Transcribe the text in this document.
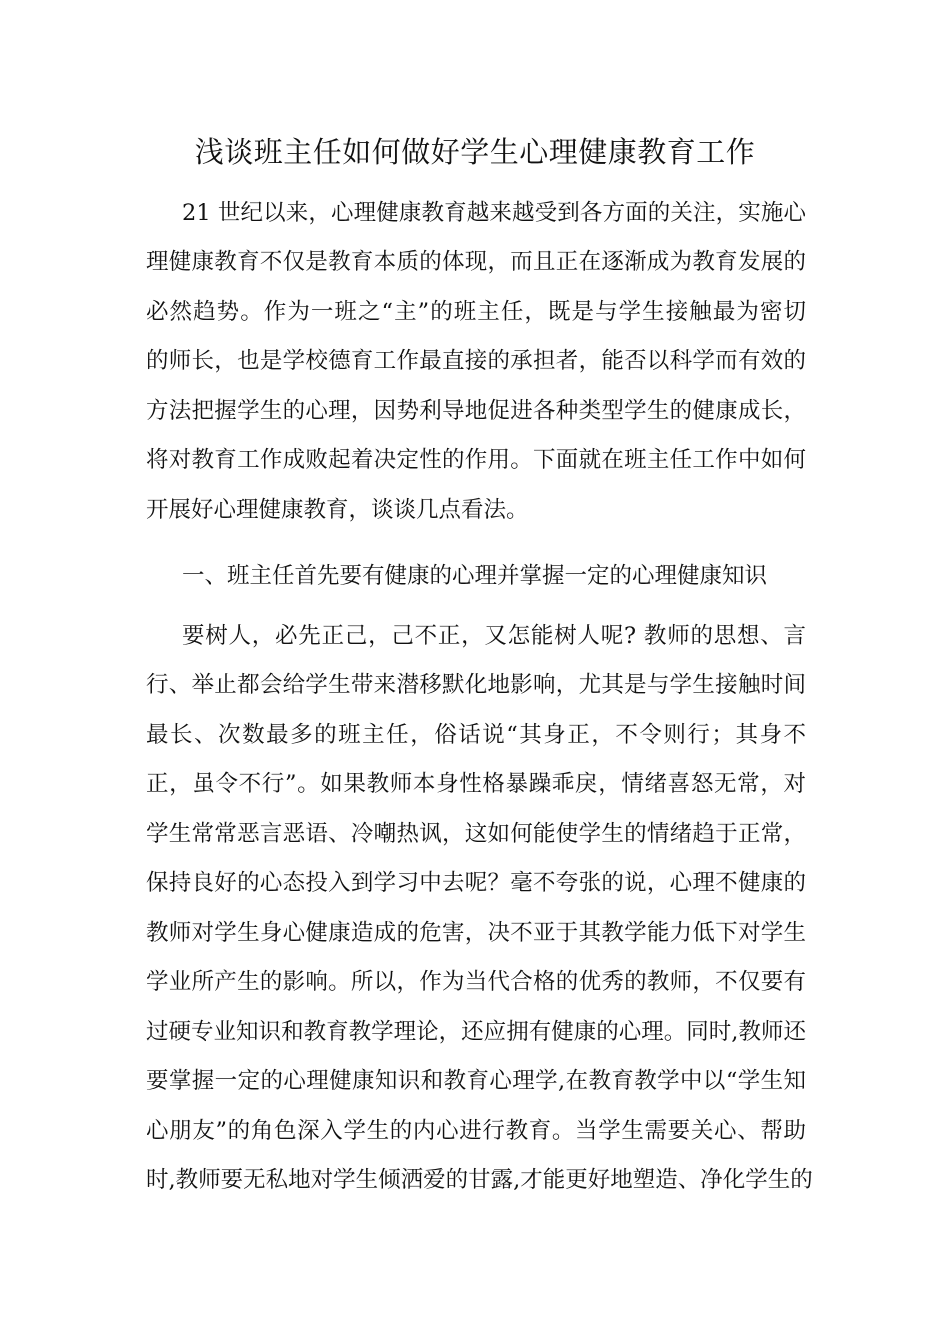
浅谈班主任如何做好学生心理健康教育工作
21 世纪以来，心理健康教育越来越受到各方面的关注，实施心
理健康教育不仅是教育本质的体现，而且正在逐渐成为教育发展的
必然趋势。作为一班之“主”的班主任，既是与学生接触最为密切
的师长，也是学校德育工作最直接的承担者，能否以科学而有效的
方法把握学生的心理，因势利导地促进各种类型学生的健康成长，
将对教育工作成败起着决定性的作用。下面就在班主任工作中如何
开展好心理健康教育，谈谈几点看法。
一、班主任首先要有健康的心理并掌握一定的心理健康知识
要树人，必先正己，己不正，又怎能树人呢? 教师的思想、言
行、举止都会给学生带来潜移默化地影响，尤其是与学生接触时间
最长、次数最多的班主任，俗话说“其身正，不令则行；其身不
正，虽令不行”。如果教师本身性格暴躁乖戾，情绪喜怒无常，对
学生常常恶言恶语、冷嘲热讽，这如何能使学生的情绪趋于正常，
保持良好的心态投入到学习中去呢？毫不夸张的说，心理不健康的
教师对学生身心健康造成的危害，决不亚于其教学能力低下对学生
学业所产生的影响。所以，作为当代合格的优秀的教师，不仅要有
过硬专业知识和教育教学理论，还应拥有健康的心理。同时,教师还
要掌握一定的心理健康知识和教育心理学,在教育教学中以“学生知
心朋友”的角色深入学生的内心进行教育。当学生需要关心、帮助
时,教师要无私地对学生倾洒爱的甘露,才能更好地塑造、净化学生的
